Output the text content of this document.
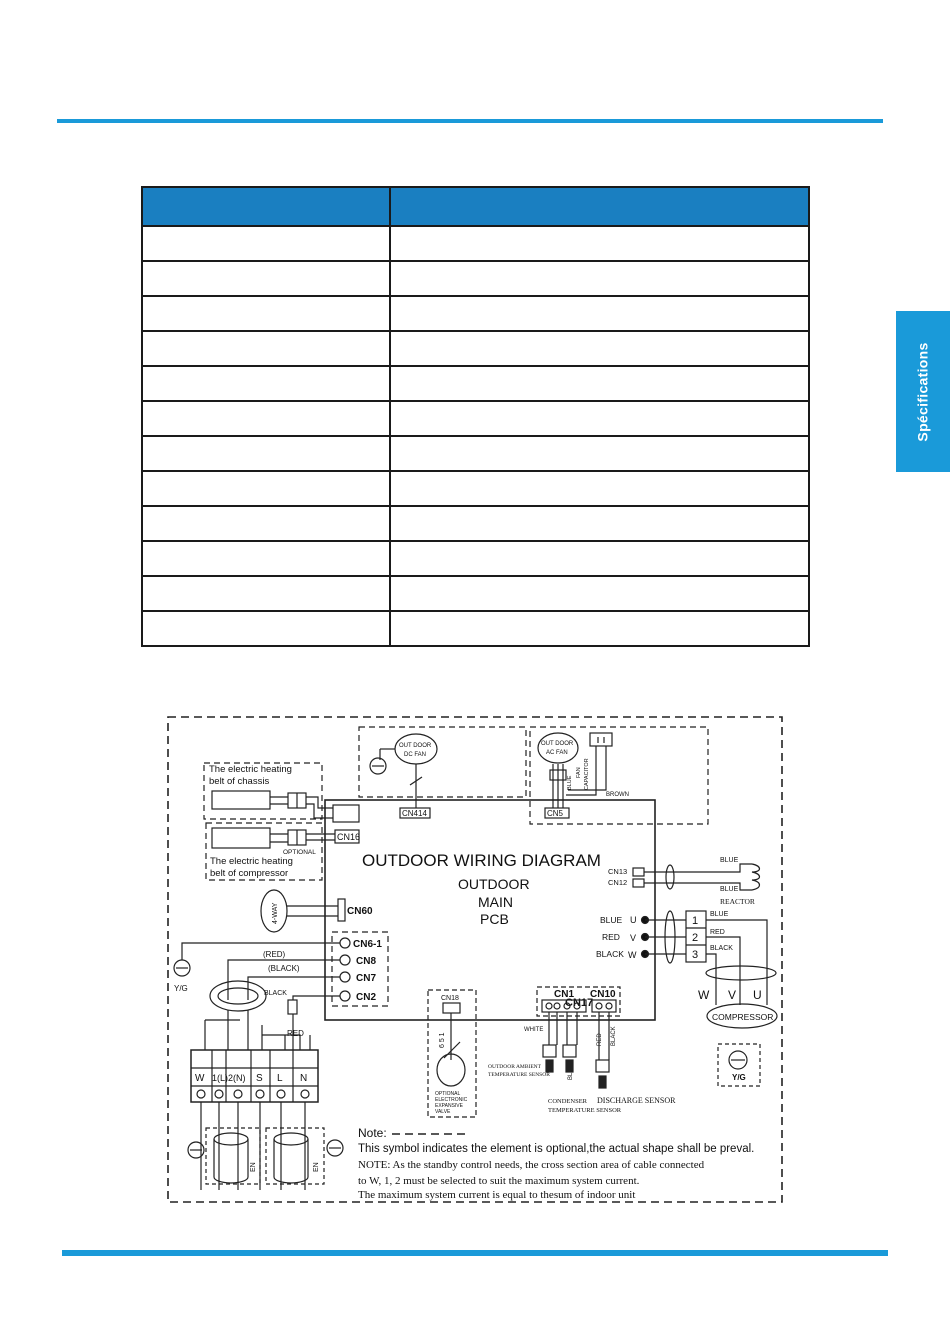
Spécifications

OUTDOOR WIRING DIAGRAM
OUTDOOR
MAIN
PCB
OUT DOOR
DC FAN
CN414
OUT DOOR
AC FAN
FAN CAPACITOR
BLUE
BROWN
CN5
The electric heating
belt of chassis
OPTIONAL
CN16
The electric heating
belt of compressor
4-WAY	CN60
CN6-1
CN8
CN7
CN2
Y/G
(RED)
(BLACK)
BLACK
RED
W 1(L) 2(N) S L N
EN	EN
CN13
CN12
BLUE
BLUE
REACTOR
BLUE
RED
BLACK
U
V
W
1
2
3
BLUE
RED
BLACK
W V U
COMPRESSOR
Y/G
CN17
CN1 CN10
WHITE
RED BLACK
OUTDOOR AMBIENT
TEMPERATURE SENSOR
CONDENSER
TEMPERATURE SENSOR
DISCHARGE SENSOR
CN18
6 5 1
OPTIONAL
ELECTRONIC
EXPANSIVE
VALVE
Note:
This symbol indicates the element is optional,the actual shape shall be preval.
NOTE: As the standby control needs, the cross section area of cable connected
to W, 1, 2 must be selected to suit the maximum system current.
The maximum system current is equal to thesum of indoor unit
